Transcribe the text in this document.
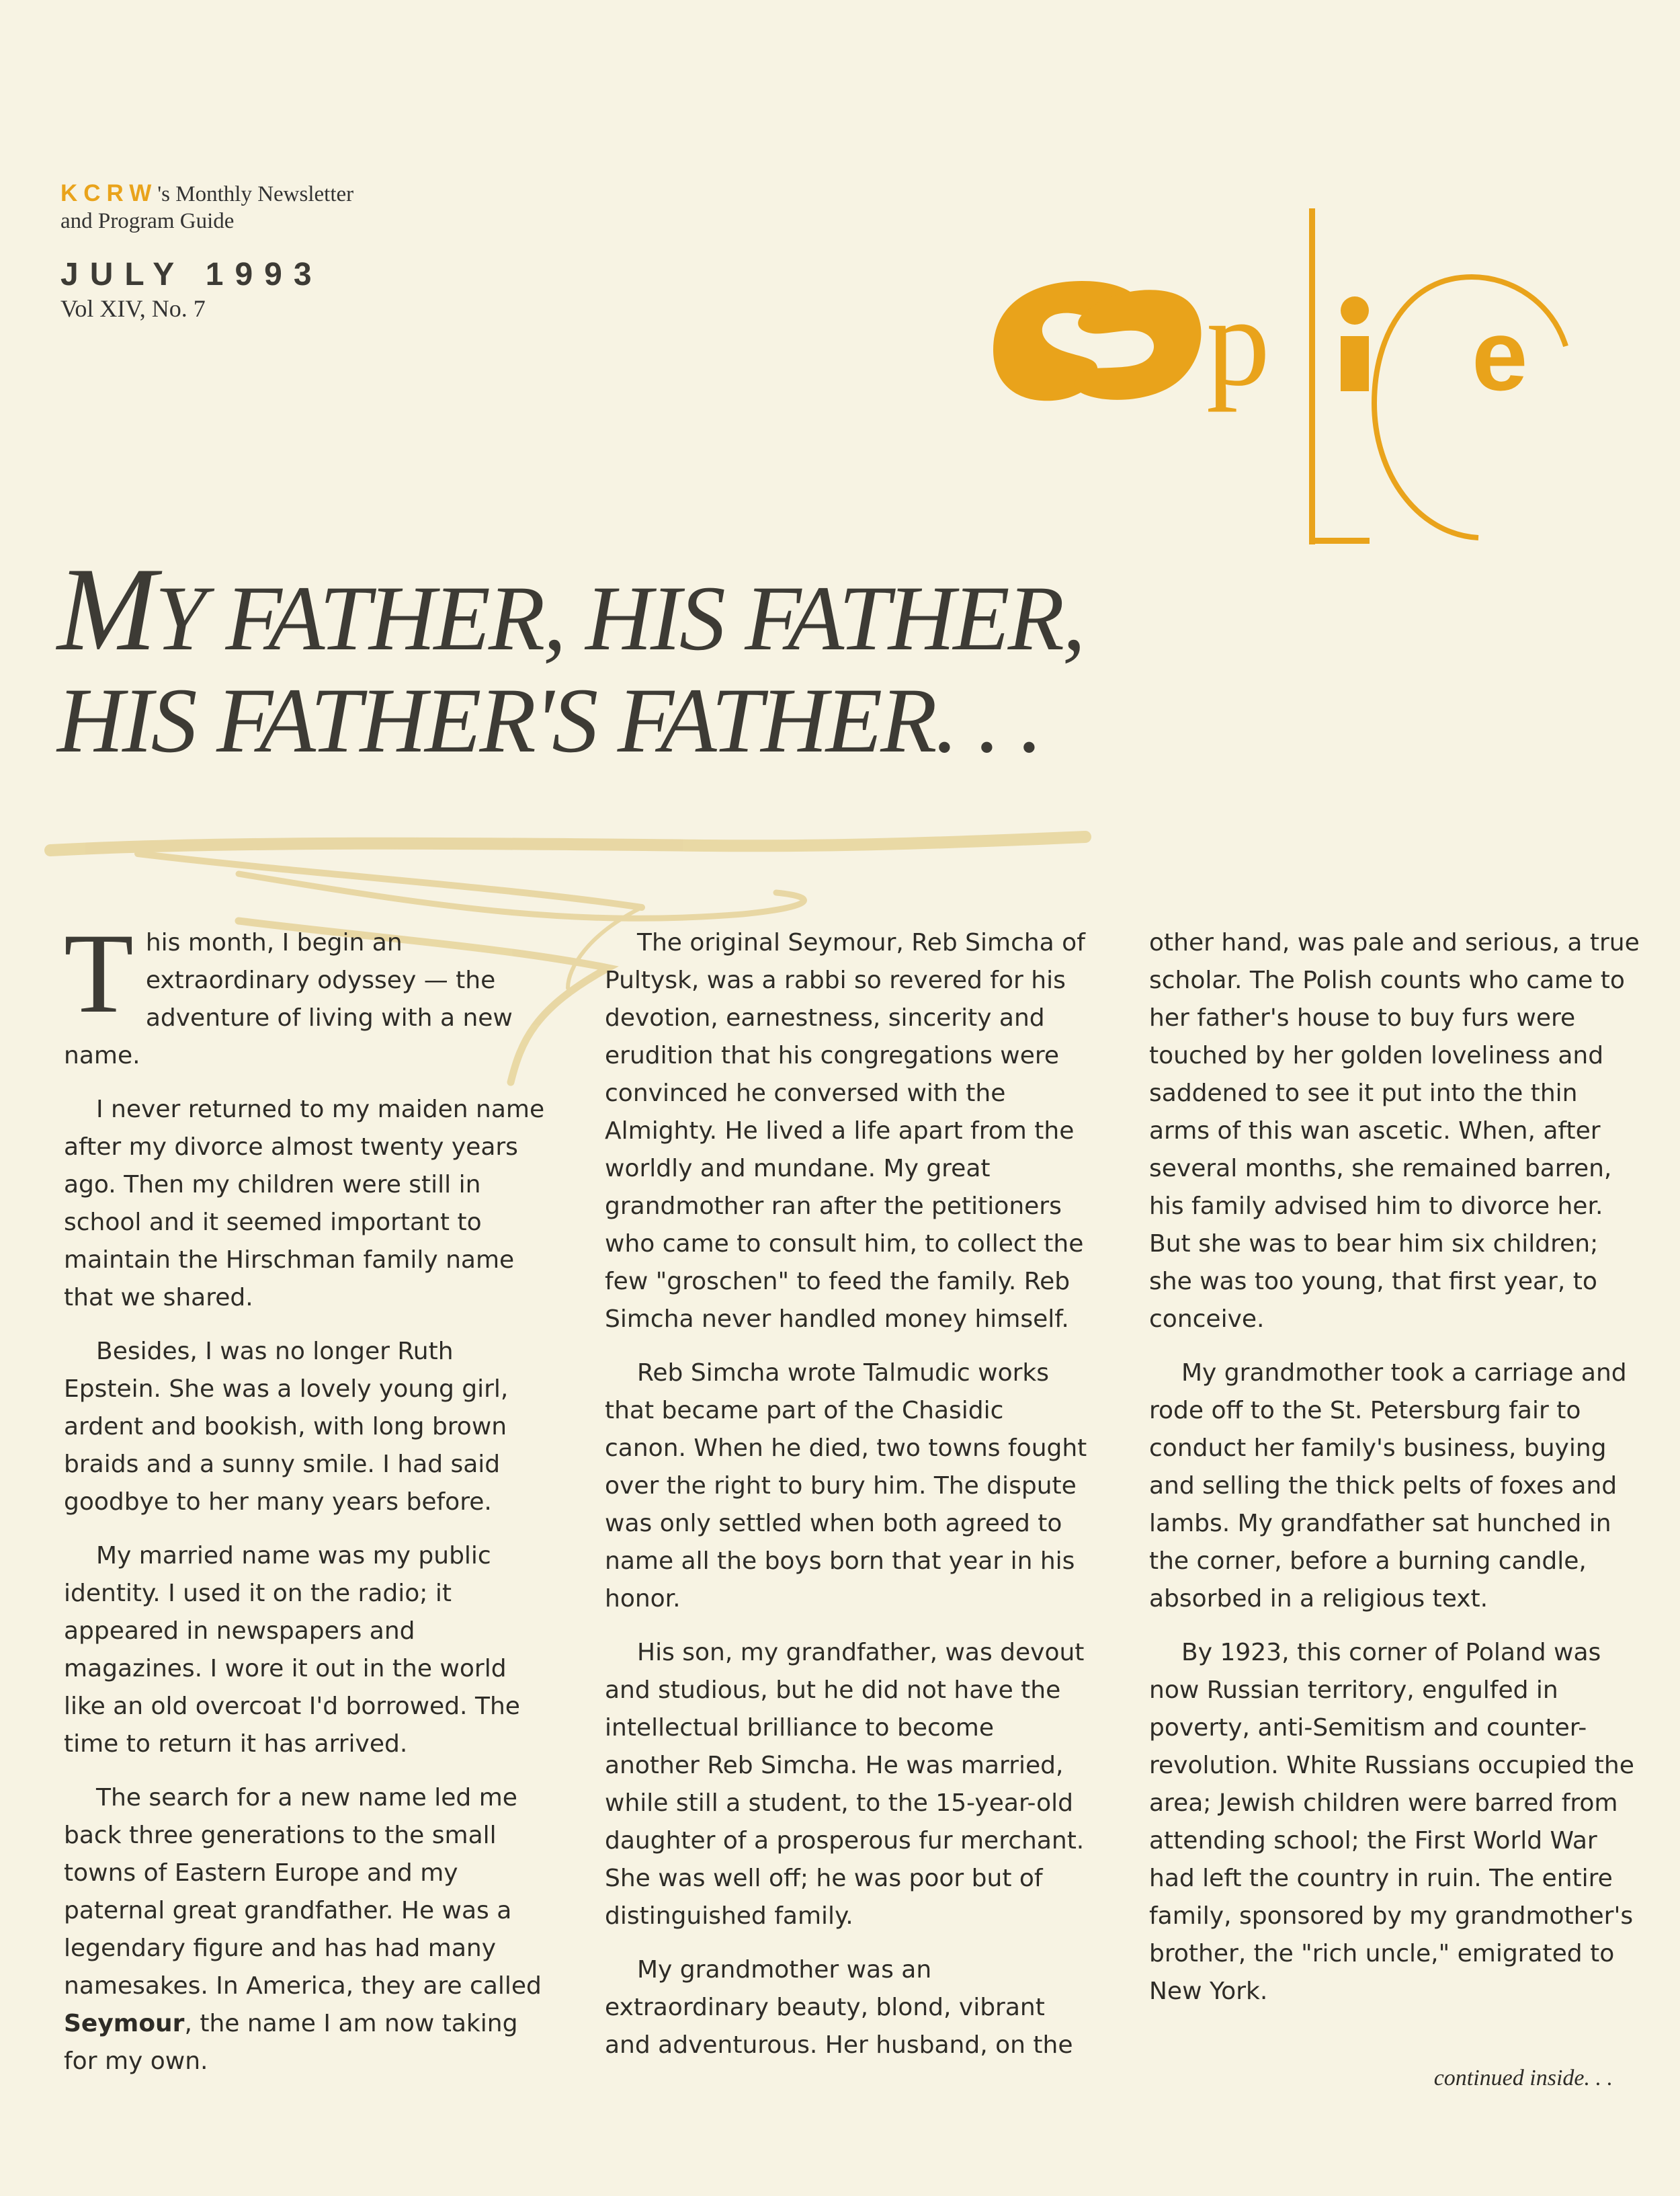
KCRW's Monthly Newsletter
and Program Guide
JULY 1993
Vol XIV, No. 7	p e
MY FATHER, HIS FATHER,
HIS FATHER'S FATHER. . .

This month, I begin an extraordinary odyssey — the adventure of living with a new name.

I never returned to my maiden name after my divorce almost twenty years ago. Then my children were still in school and it seemed important to maintain the Hirschman family name that we shared.

Besides, I was no longer Ruth Epstein. She was a lovely young girl, ardent and bookish, with long brown braids and a sunny smile. I had said goodbye to her many years before.

My married name was my public identity. I used it on the radio; it appeared in newspapers and magazines. I wore it out in the world like an old overcoat I'd borrowed. The time to return it has arrived.

The search for a new name led me back three generations to the small towns of Eastern Europe and my paternal great grandfather. He was a legendary figure and has had many namesakes. In America, they are called Seymour, the name I am now taking for my own.

The original Seymour, Reb Simcha of Pultysk, was a rabbi so revered for his devotion, earnestness, sincerity and erudition that his congregations were convinced he conversed with the Almighty. He lived a life apart from the worldly and mundane. My great grandmother ran after the petitioners who came to consult him, to collect the few "groschen" to feed the family. Reb Simcha never handled money himself.

Reb Simcha wrote Talmudic works that became part of the Chasidic canon. When he died, two towns fought over the right to bury him. The dispute was only settled when both agreed to name all the boys born that year in his honor.

His son, my grandfather, was devout and studious, but he did not have the intellectual brilliance to become another Reb Simcha. He was married, while still a student, to the 15-year-old daughter of a prosperous fur merchant. She was well off; he was poor but of distinguished family.

My grandmother was an extraordinary beauty, blond, vibrant and adventurous. Her husband, on the

other hand, was pale and serious, a true scholar. The Polish counts who came to her father's house to buy furs were touched by her golden loveliness and saddened to see it put into the thin arms of this wan ascetic. When, after several months, she remained barren, his family advised him to divorce her. But she was to bear him six children; she was too young, that first year, to conceive.

My grandmother took a carriage and rode off to the St. Petersburg fair to conduct her family's business, buying and selling the thick pelts of foxes and lambs. My grandfather sat hunched in the corner, before a burning candle, absorbed in a religious text.

By 1923, this corner of Poland was now Russian territory, engulfed in poverty, anti-Semitism and counter-revolution. White Russians occupied the area; Jewish children were barred from attending school; the First World War had left the country in ruin. The entire family, sponsored by my grandmother's brother, the "rich uncle," emigrated to New York.

continued inside. . .
